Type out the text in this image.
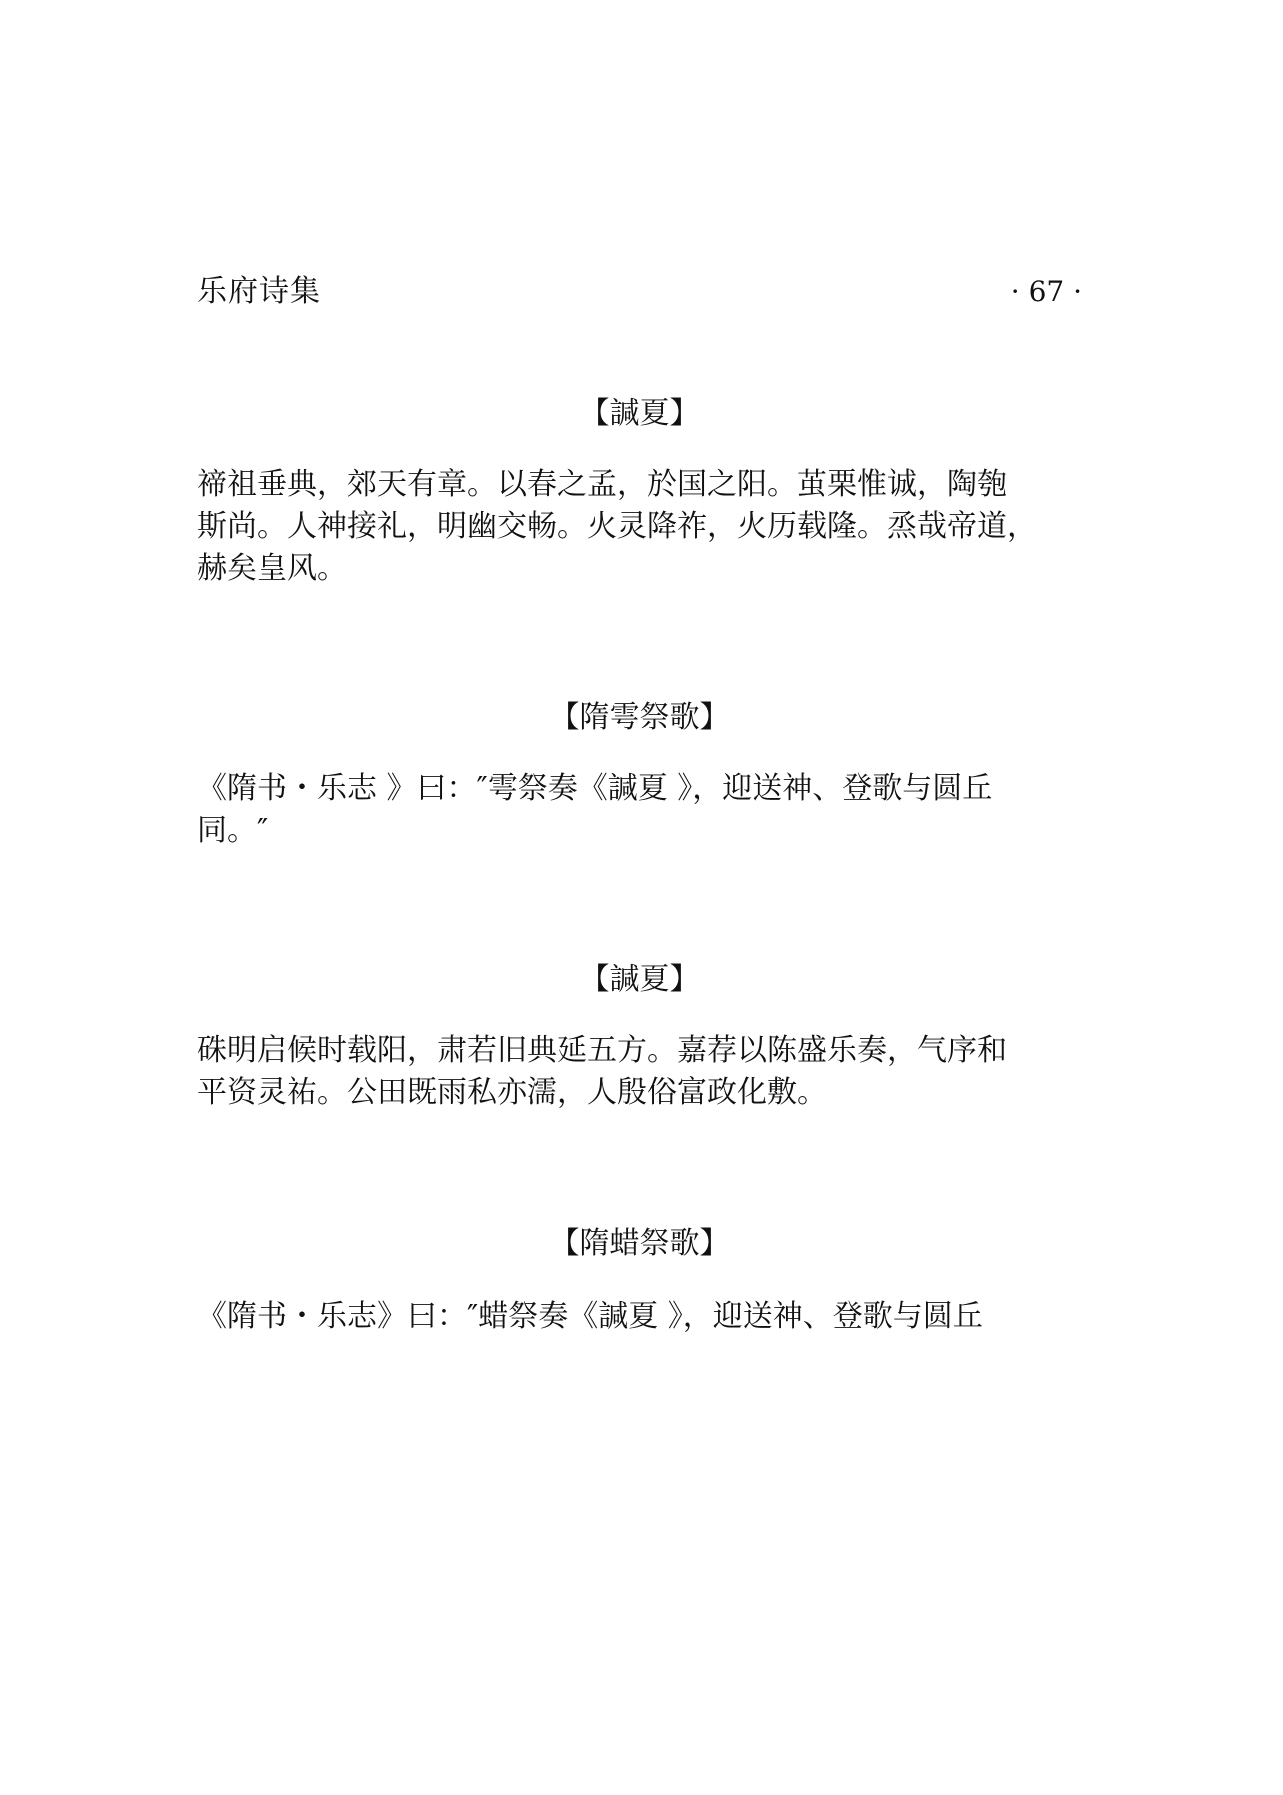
乐府诗集	· 67 ·
【諴夏】
禘祖垂典，郊天有章。以春之孟，於国之阳。茧栗惟诚，陶匏
斯尚。人神接礼，明幽交畅。火灵降祚，火历载隆。烝哉帝道，
赫矣皇风。
【隋雩祭歌】
《隋书・乐志 》曰：″雩祭奏《諴夏 》，迎送神、登歌与圆丘
同。″
【諴夏】
硃明启候时载阳，肃若旧典延五方。嘉荐以陈盛乐奏，气序和
平资灵祐。公田既雨私亦濡，人殷俗富政化敷。
【隋蜡祭歌】
《隋书・乐志》曰：″蜡祭奏《諴夏 》，迎送神、登歌与圆丘
